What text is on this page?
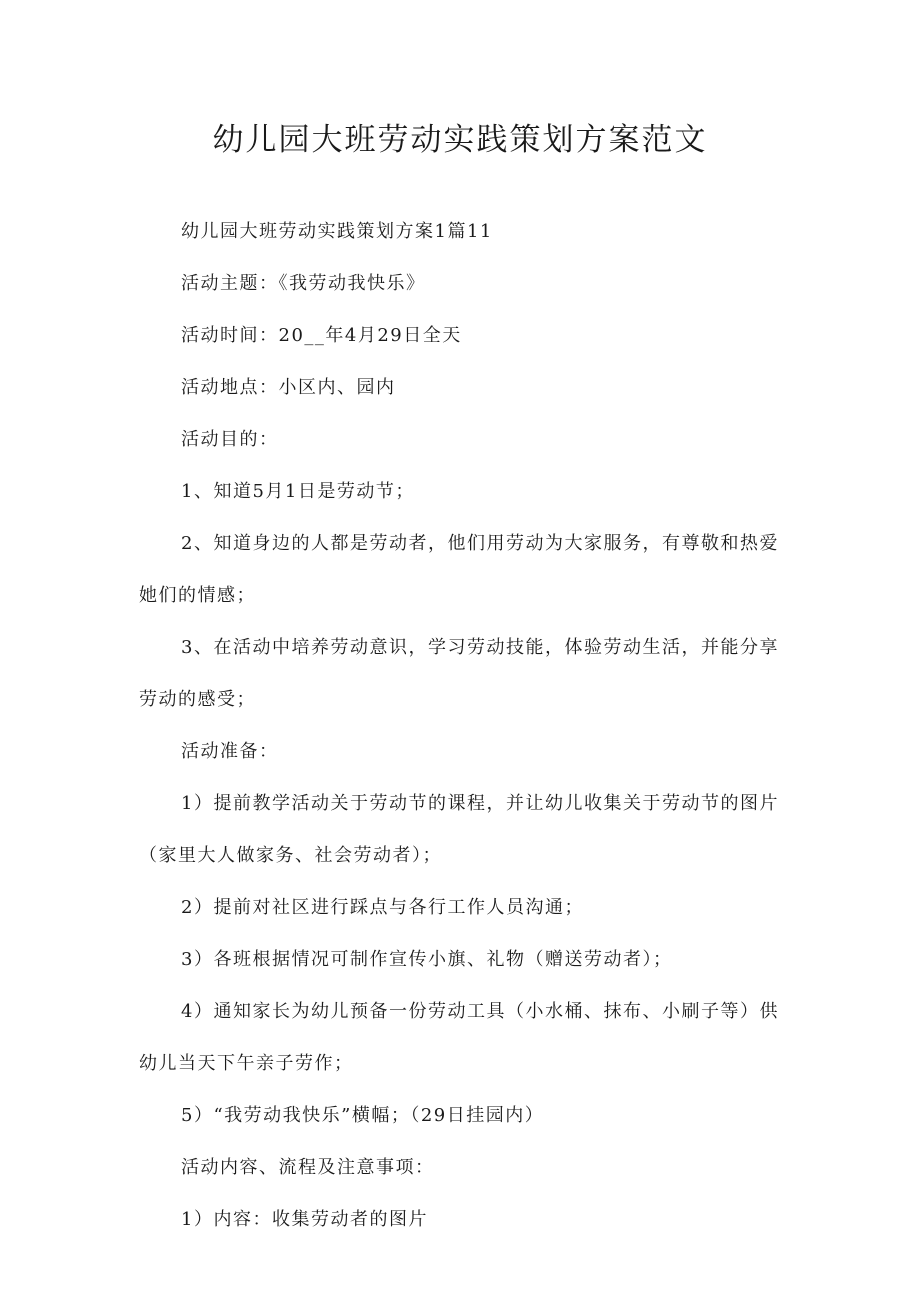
幼儿园大班劳动实践策划方案范文

幼儿园大班劳动实践策划方案1篇11

活动主题：《我劳动我快乐》

活动时间：20__年4月29日全天

活动地点：小区内、园内

活动目的：

1、知道5月1日是劳动节；

2、知道身边的人都是劳动者，他们用劳动为大家服务，有尊敬和热爱她们的情感；

3、在活动中培养劳动意识，学习劳动技能，体验劳动生活，并能分享劳动的感受；

活动准备：

1）提前教学活动关于劳动节的课程，并让幼儿收集关于劳动节的图片（家里大人做家务、社会劳动者）；

2）提前对社区进行踩点与各行工作人员沟通；

3）各班根据情况可制作宣传小旗、礼物（赠送劳动者）；

4）通知家长为幼儿预备一份劳动工具（小水桶、抹布、小刷子等）供幼儿当天下午亲子劳作；

5）“我劳动我快乐”横幅；（29日挂园内）

活动内容、流程及注意事项：

1）内容：收集劳动者的图片
